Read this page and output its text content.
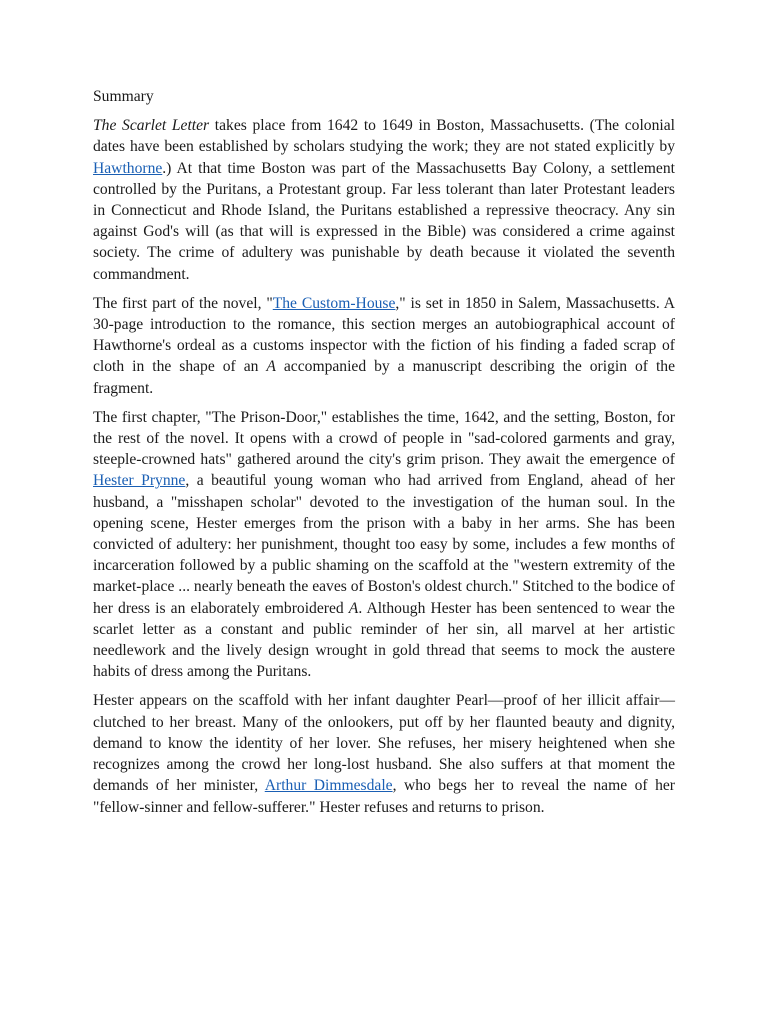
Summary

The Scarlet Letter takes place from 1642 to 1649 in Boston, Massachusetts. (The colonial dates have been established by scholars studying the work; they are not stated explicitly by Hawthorne.) At that time Boston was part of the Massachusetts Bay Colony, a settlement controlled by the Puritans, a Protestant group. Far less tolerant than later Protestant leaders in Connecticut and Rhode Island, the Puritans established a repressive theocracy. Any sin against God's will (as that will is expressed in the Bible) was considered a crime against society. The crime of adultery was punishable by death because it violated the seventh commandment.

The first part of the novel, "The Custom-House," is set in 1850 in Salem, Massachusetts. A 30-page introduction to the romance, this section merges an autobiographical account of Hawthorne's ordeal as a customs inspector with the fiction of his finding a faded scrap of cloth in the shape of an A accompanied by a manuscript describing the origin of the fragment.

The first chapter, "The Prison-Door," establishes the time, 1642, and the setting, Boston, for the rest of the novel. It opens with a crowd of people in "sad-colored garments and gray, steeple-crowned hats" gathered around the city's grim prison. They await the emergence of Hester Prynne, a beautiful young woman who had arrived from England, ahead of her husband, a "misshapen scholar" devoted to the investigation of the human soul. In the opening scene, Hester emerges from the prison with a baby in her arms. She has been convicted of adultery: her punishment, thought too easy by some, includes a few months of incarceration followed by a public shaming on the scaffold at the "western extremity of the market-place ... nearly beneath the eaves of Boston's oldest church." Stitched to the bodice of her dress is an elaborately embroidered A. Although Hester has been sentenced to wear the scarlet letter as a constant and public reminder of her sin, all marvel at her artistic needlework and the lively design wrought in gold thread that seems to mock the austere habits of dress among the Puritans.

Hester appears on the scaffold with her infant daughter Pearl—proof of her illicit affair—clutched to her breast. Many of the onlookers, put off by her flaunted beauty and dignity, demand to know the identity of her lover. She refuses, her misery heightened when she recognizes among the crowd her long-lost husband. She also suffers at that moment the demands of her minister, Arthur Dimmesdale, who begs her to reveal the name of her "fellow-sinner and fellow-sufferer." Hester refuses and returns to prison.
